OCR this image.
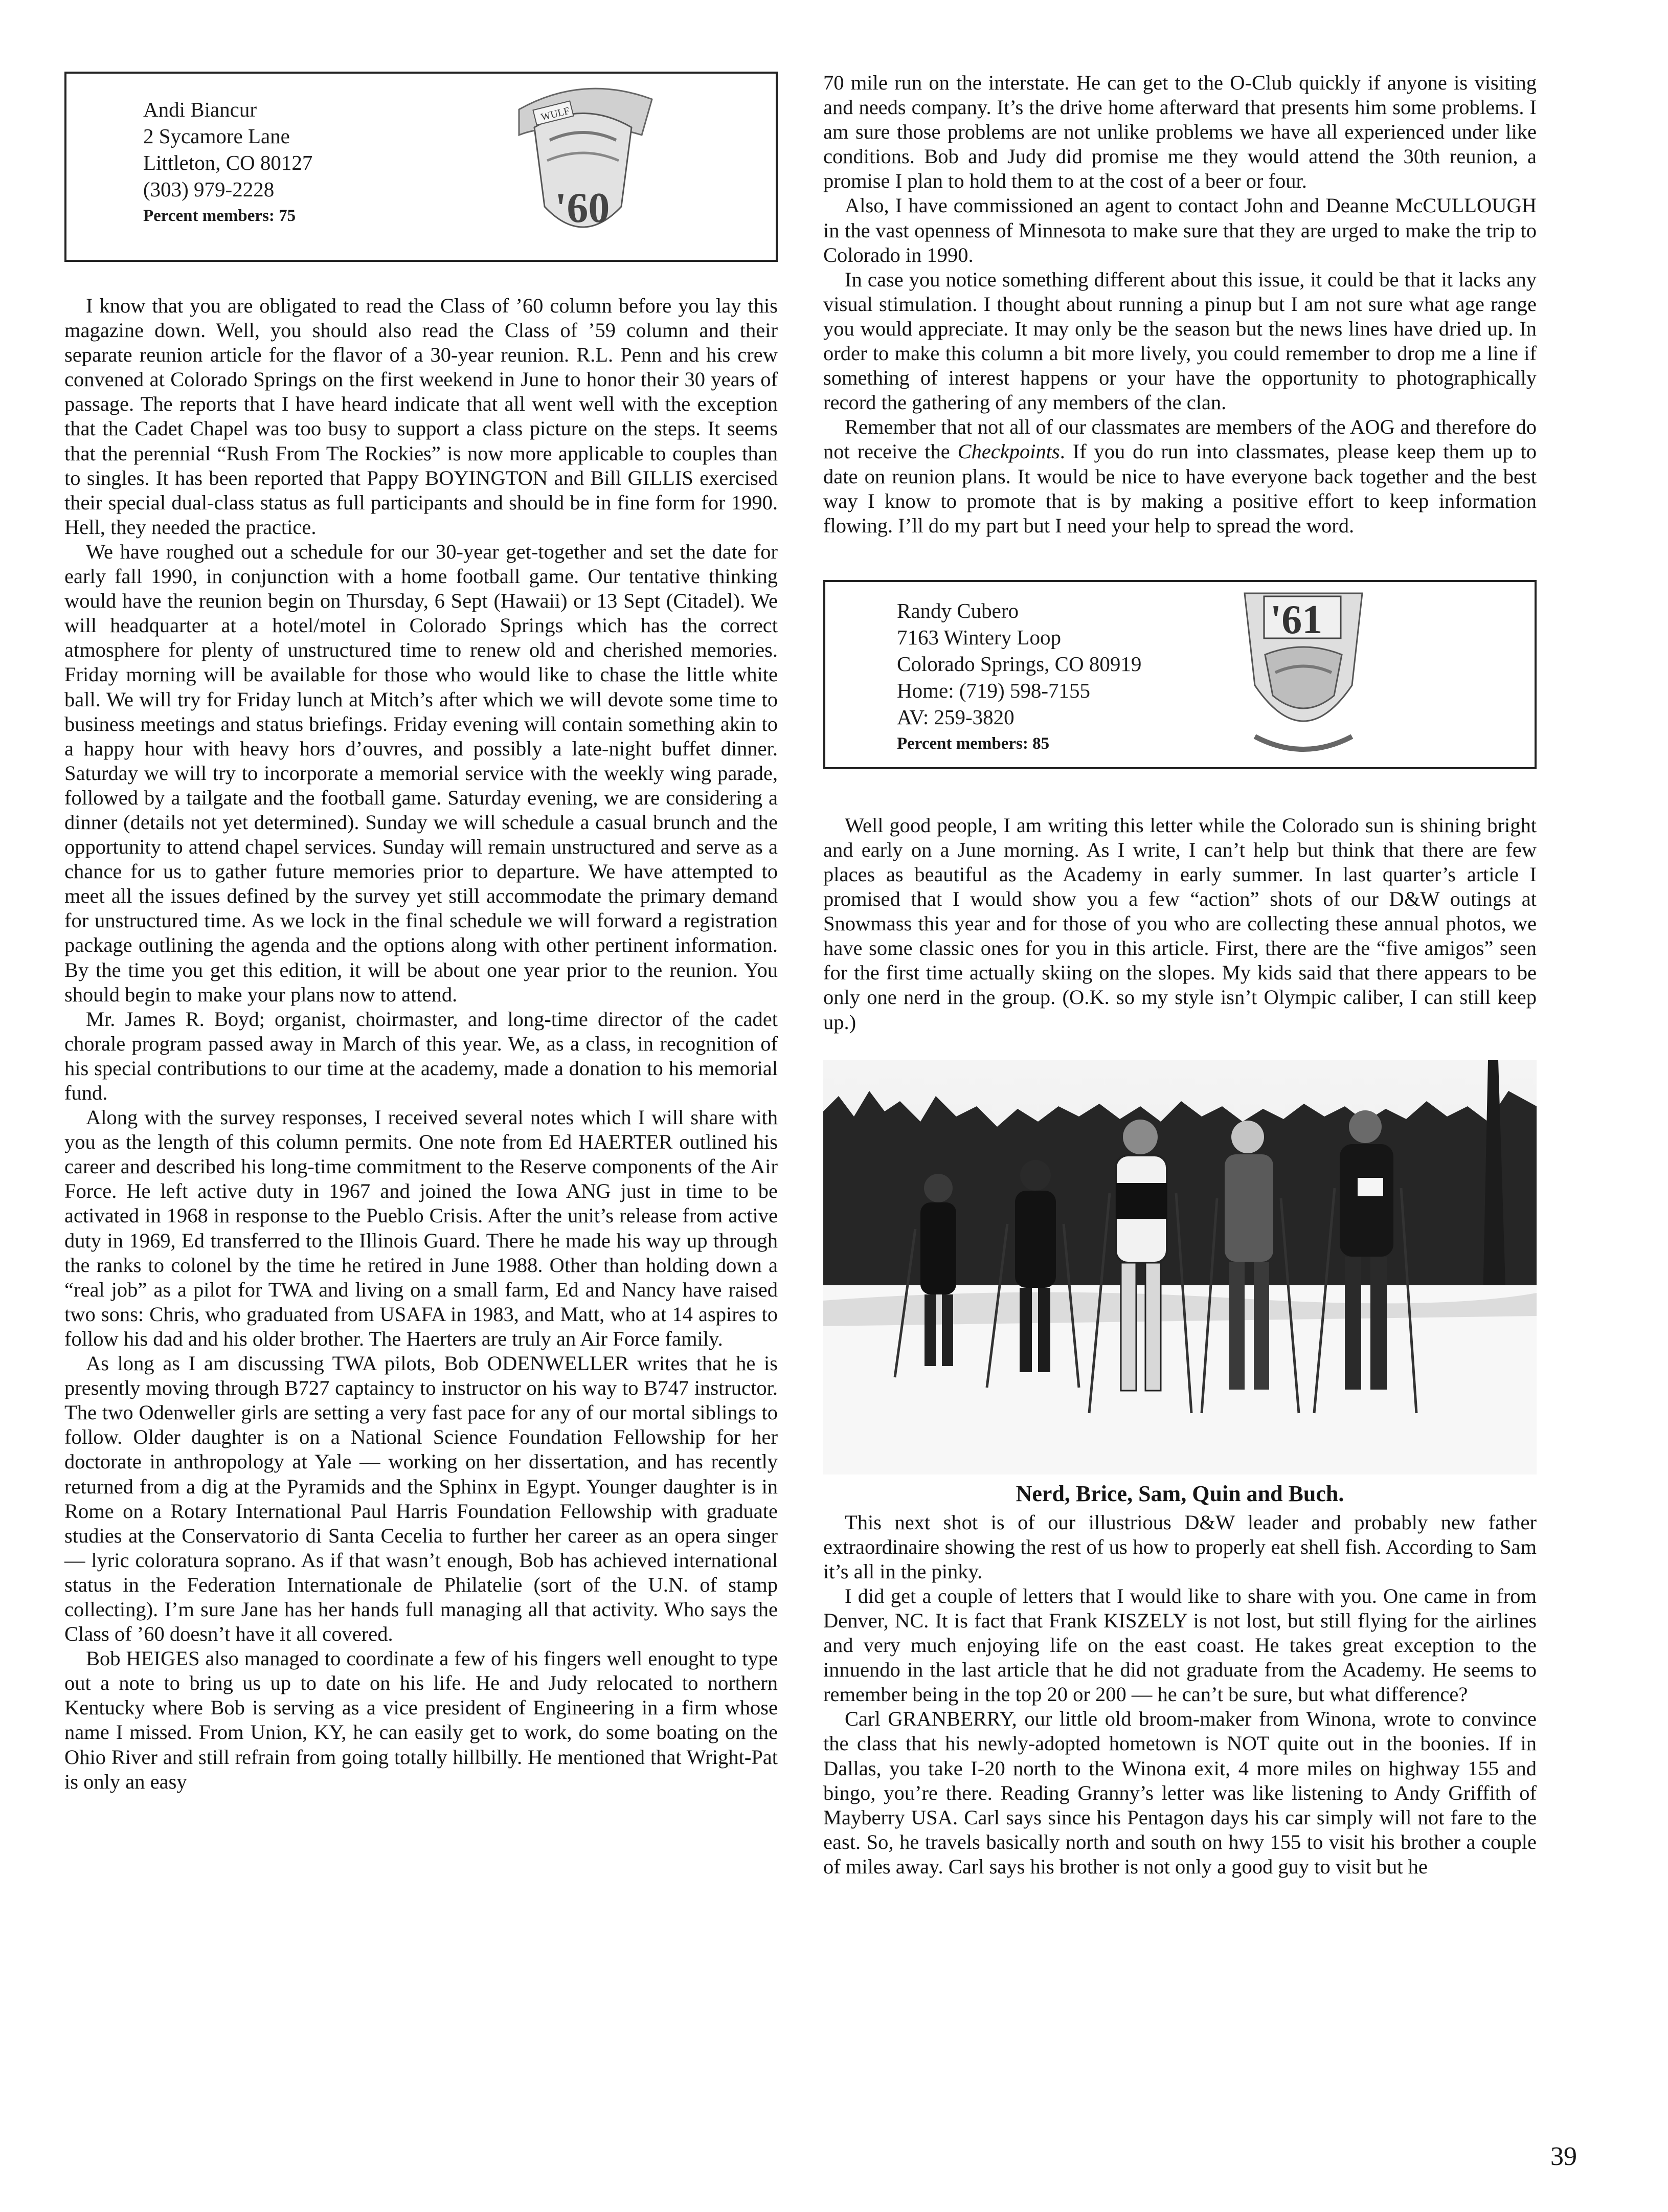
Andi Biancur
2 Sycamore Lane
Littleton, CO 80127
(303) 979-2228
Percent members: 75
WULF
'60

I know that you are obligated to read the Class of ’60 column before you lay this magazine down. Well, you should also read the Class of ’59 column and their separate reunion article for the flavor of a 30-year reunion. R.L. Penn and his crew convened at Colorado Springs on the first weekend in June to honor their 30 years of passage. The reports that I have heard indicate that all went well with the exception that the Cadet Chapel was too busy to support a class picture on the steps. It seems that the perennial “Rush From The Rockies” is now more applicable to couples than to singles. It has been reported that Pappy BOYINGTON and Bill GILLIS exercised their special dual-class status as full participants and should be in fine form for 1990. Hell, they needed the practice.

We have roughed out a schedule for our 30-year get-together and set the date for early fall 1990, in conjunction with a home football game. Our tentative thinking would have the reunion begin on Thursday, 6 Sept (Hawaii) or 13 Sept (Citadel). We will headquarter at a hotel/motel in Colorado Springs which has the correct atmosphere for plenty of unstructured time to renew old and cherished memories. Friday morning will be available for those who would like to chase the little white ball. We will try for Friday lunch at Mitch’s after which we will devote some time to business meetings and status briefings. Friday evening will contain something akin to a happy hour with heavy hors d’ouvres, and possibly a late-night buffet dinner. Saturday we will try to incorporate a memorial service with the weekly wing parade, followed by a tailgate and the football game. Saturday evening, we are considering a dinner (details not yet determined). Sunday we will schedule a casual brunch and the opportunity to attend chapel services. Sunday will remain unstructured and serve as a chance for us to gather future memories prior to departure. We have attempted to meet all the issues defined by the survey yet still accommodate the primary demand for unstructured time. As we lock in the final schedule we will forward a registration package outlining the agenda and the options along with other pertinent information. By the time you get this edition, it will be about one year prior to the reunion. You should begin to make your plans now to attend.

Mr. James R. Boyd; organist, choirmaster, and long-time director of the cadet chorale program passed away in March of this year. We, as a class, in recognition of his special contributions to our time at the academy, made a donation to his memorial fund.

Along with the survey responses, I received several notes which I will share with you as the length of this column permits. One note from Ed HAERTER outlined his career and described his long-time commitment to the Reserve components of the Air Force. He left active duty in 1967 and joined the Iowa ANG just in time to be activated in 1968 in response to the Pueblo Crisis. After the unit’s release from active duty in 1969, Ed transferred to the Illinois Guard. There he made his way up through the ranks to colonel by the time he retired in June 1988. Other than holding down a “real job” as a pilot for TWA and living on a small farm, Ed and Nancy have raised two sons: Chris, who graduated from USAFA in 1983, and Matt, who at 14 aspires to follow his dad and his older brother. The Haerters are truly an Air Force family.

As long as I am discussing TWA pilots, Bob ODENWELLER writes that he is presently moving through B727 captaincy to instructor on his way to B747 instructor. The two Odenweller girls are setting a very fast pace for any of our mortal siblings to follow. Older daughter is on a National Science Foundation Fellowship for her doctorate in anthropology at Yale — working on her dissertation, and has recently returned from a dig at the Pyramids and the Sphinx in Egypt. Younger daughter is in Rome on a Rotary International Paul Harris Foundation Fellowship with graduate studies at the Conservatorio di Santa Cecelia to further her career as an opera singer — lyric coloratura soprano. As if that wasn’t enough, Bob has achieved international status in the Federation Internationale de Philatelie (sort of the U.N. of stamp collecting). I’m sure Jane has her hands full managing all that activity. Who says the Class of ’60 doesn’t have it all covered.

Bob HEIGES also managed to coordinate a few of his fingers well enought to type out a note to bring us up to date on his life. He and Judy relocated to northern Kentucky where Bob is serving as a vice president of Engineering in a firm whose name I missed. From Union, KY, he can easily get to work, do some boating on the Ohio River and still refrain from going totally hillbilly. He mentioned that Wright-Pat is only an easy

70 mile run on the interstate. He can get to the O-Club quickly if anyone is visiting and needs company. It’s the drive home afterward that presents him some problems. I am sure those problems are not unlike problems we have all experienced under like conditions. Bob and Judy did promise me they would attend the 30th reunion, a promise I plan to hold them to at the cost of a beer or four.

Also, I have commissioned an agent to contact John and Deanne McCULLOUGH in the vast openness of Minnesota to make sure that they are urged to make the trip to Colorado in 1990.

In case you notice something different about this issue, it could be that it lacks any visual stimulation. I thought about running a pinup but I am not sure what age range you would appreciate. It may only be the season but the news lines have dried up. In order to make this column a bit more lively, you could remember to drop me a line if something of interest happens or your have the opportunity to photographically record the gathering of any members of the clan.

Remember that not all of our classmates are members of the AOG and therefore do not receive the Checkpoints. If you do run into classmates, please keep them up to date on reunion plans. It would be nice to have everyone back together and the best way I know to promote that is by making a positive effort to keep information flowing. I’ll do my part but I need your help to spread the word.

Randy Cubero
7163 Wintery Loop
Colorado Springs, CO 80919
Home: (719) 598-7155
AV: 259-3820
Percent members: 85
'61

Well good people, I am writing this letter while the Colorado sun is shining bright and early on a June morning. As I write, I can’t help but think that there are few places as beautiful as the Academy in early summer. In last quarter’s article I promised that I would show you a few “action” shots of our D&W outings at Snowmass this year and for those of you who are collecting these annual photos, we have some classic ones for you in this article. First, there are the “five amigos” seen for the first time actually skiing on the slopes. My kids said that there appears to be only one nerd in the group. (O.K. so my style isn’t Olympic caliber, I can still keep up.)

Nerd, Brice, Sam, Quin and Buch.

This next shot is of our illustrious D&W leader and probably new father extraordinaire showing the rest of us how to properly eat shell fish. According to Sam it’s all in the pinky.

I did get a couple of letters that I would like to share with you. One came in from Denver, NC. It is fact that Frank KISZELY is not lost, but still flying for the airlines and very much enjoying life on the east coast. He takes great exception to the innuendo in the last article that he did not graduate from the Academy. He seems to remember being in the top 20 or 200 — he can’t be sure, but what difference?

Carl GRANBERRY, our little old broom-maker from Winona, wrote to convince the class that his newly-adopted hometown is NOT quite out in the boonies. If in Dallas, you take I-20 north to the Winona exit, 4 more miles on highway 155 and bingo, you’re there. Reading Granny’s letter was like listening to Andy Griffith of Mayberry USA. Carl says since his Pentagon days his car simply will not fare to the east. So, he travels basically north and south on hwy 155 to visit his brother a couple of miles away. Carl says his brother is not only a good guy to visit but he

39
